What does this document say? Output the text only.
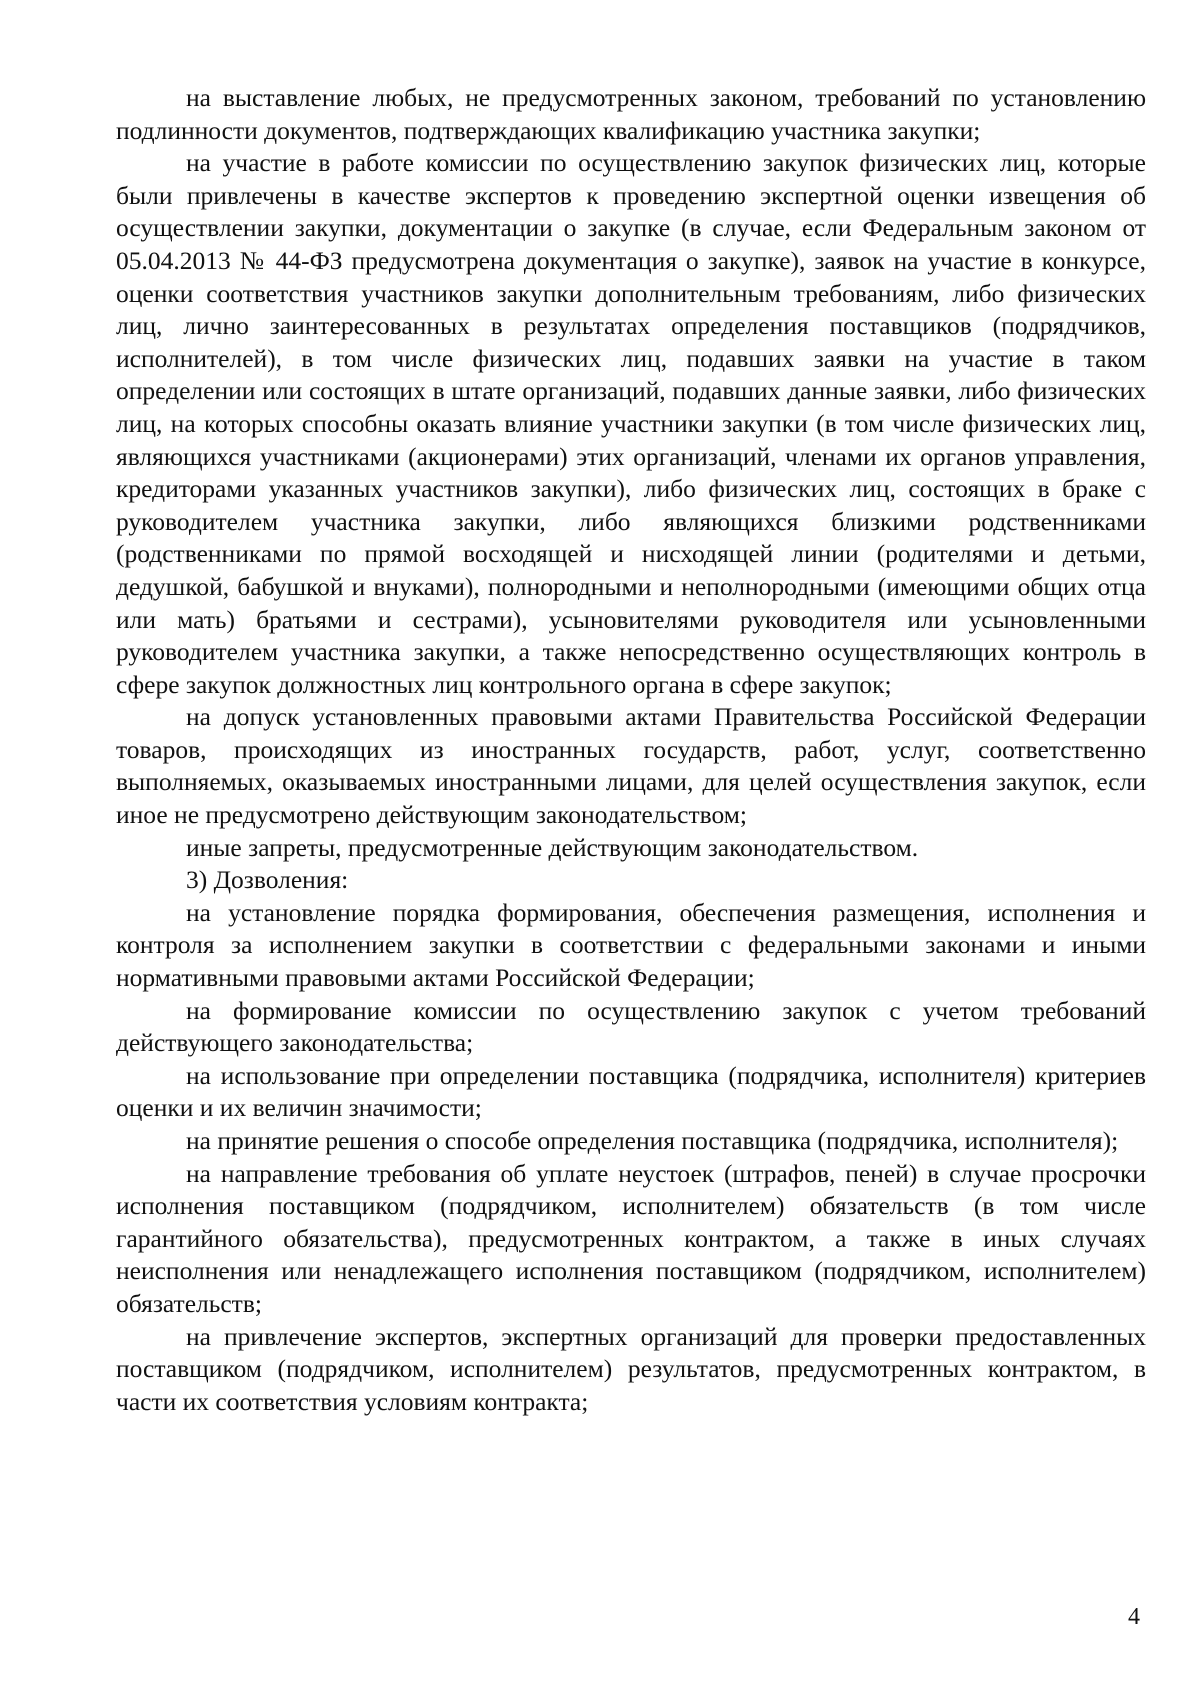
на выставление любых, не предусмотренных законом, требований по установлению подлинности документов, подтверждающих квалификацию участника закупки;

на участие в работе комиссии по осуществлению закупок физических лиц, которые были привлечены в качестве экспертов к проведению экспертной оценки извещения об осуществлении закупки, документации о закупке (в случае, если Федеральным законом от 05.04.2013 № 44-ФЗ предусмотрена документация о закупке), заявок на участие в конкурсе, оценки соответствия участников закупки дополнительным требованиям, либо физических лиц, лично заинтересованных в результатах определения поставщиков (подрядчиков, исполнителей), в том числе физических лиц, подавших заявки на участие в таком определении или состоящих в штате организаций, подавших данные заявки, либо физических лиц, на которых способны оказать влияние участники закупки (в том числе физических лиц, являющихся участниками (акционерами) этих организаций, членами их органов управления, кредиторами указанных участников закупки), либо физических лиц, состоящих в браке с руководителем участника закупки, либо являющихся близкими родственниками (родственниками по прямой восходящей и нисходящей линии (родителями и детьми, дедушкой, бабушкой и внуками), полнородными и неполнородными (имеющими общих отца или мать) братьями и сестрами), усыновителями руководителя или усыновленными руководителем участника закупки, а также непосредственно осуществляющих контроль в сфере закупок должностных лиц контрольного органа в сфере закупок;

на допуск установленных правовыми актами Правительства Российской Федерации товаров, происходящих из иностранных государств, работ, услуг, соответственно выполняемых, оказываемых иностранными лицами, для целей осуществления закупок, если иное не предусмотрено действующим законодательством;

иные запреты, предусмотренные действующим законодательством.

3) Дозволения:

на установление порядка формирования, обеспечения размещения, исполнения и контроля за исполнением закупки в соответствии с федеральными законами и иными нормативными правовыми актами Российской Федерации;

на формирование комиссии по осуществлению закупок с учетом требований действующего законодательства;

на использование при определении поставщика (подрядчика, исполнителя) критериев оценки и их величин значимости;

на принятие решения о способе определения поставщика (подрядчика, исполнителя);

на направление требования об уплате неустоек (штрафов, пеней) в случае просрочки исполнения поставщиком (подрядчиком, исполнителем) обязательств (в том числе гарантийного обязательства), предусмотренных контрактом, а также в иных случаях неисполнения или ненадлежащего исполнения поставщиком (подрядчиком, исполнителем) обязательств;

на привлечение экспертов, экспертных организаций для проверки предоставленных поставщиком (подрядчиком, исполнителем) результатов, предусмотренных контрактом, в части их соответствия условиям контракта;

4
